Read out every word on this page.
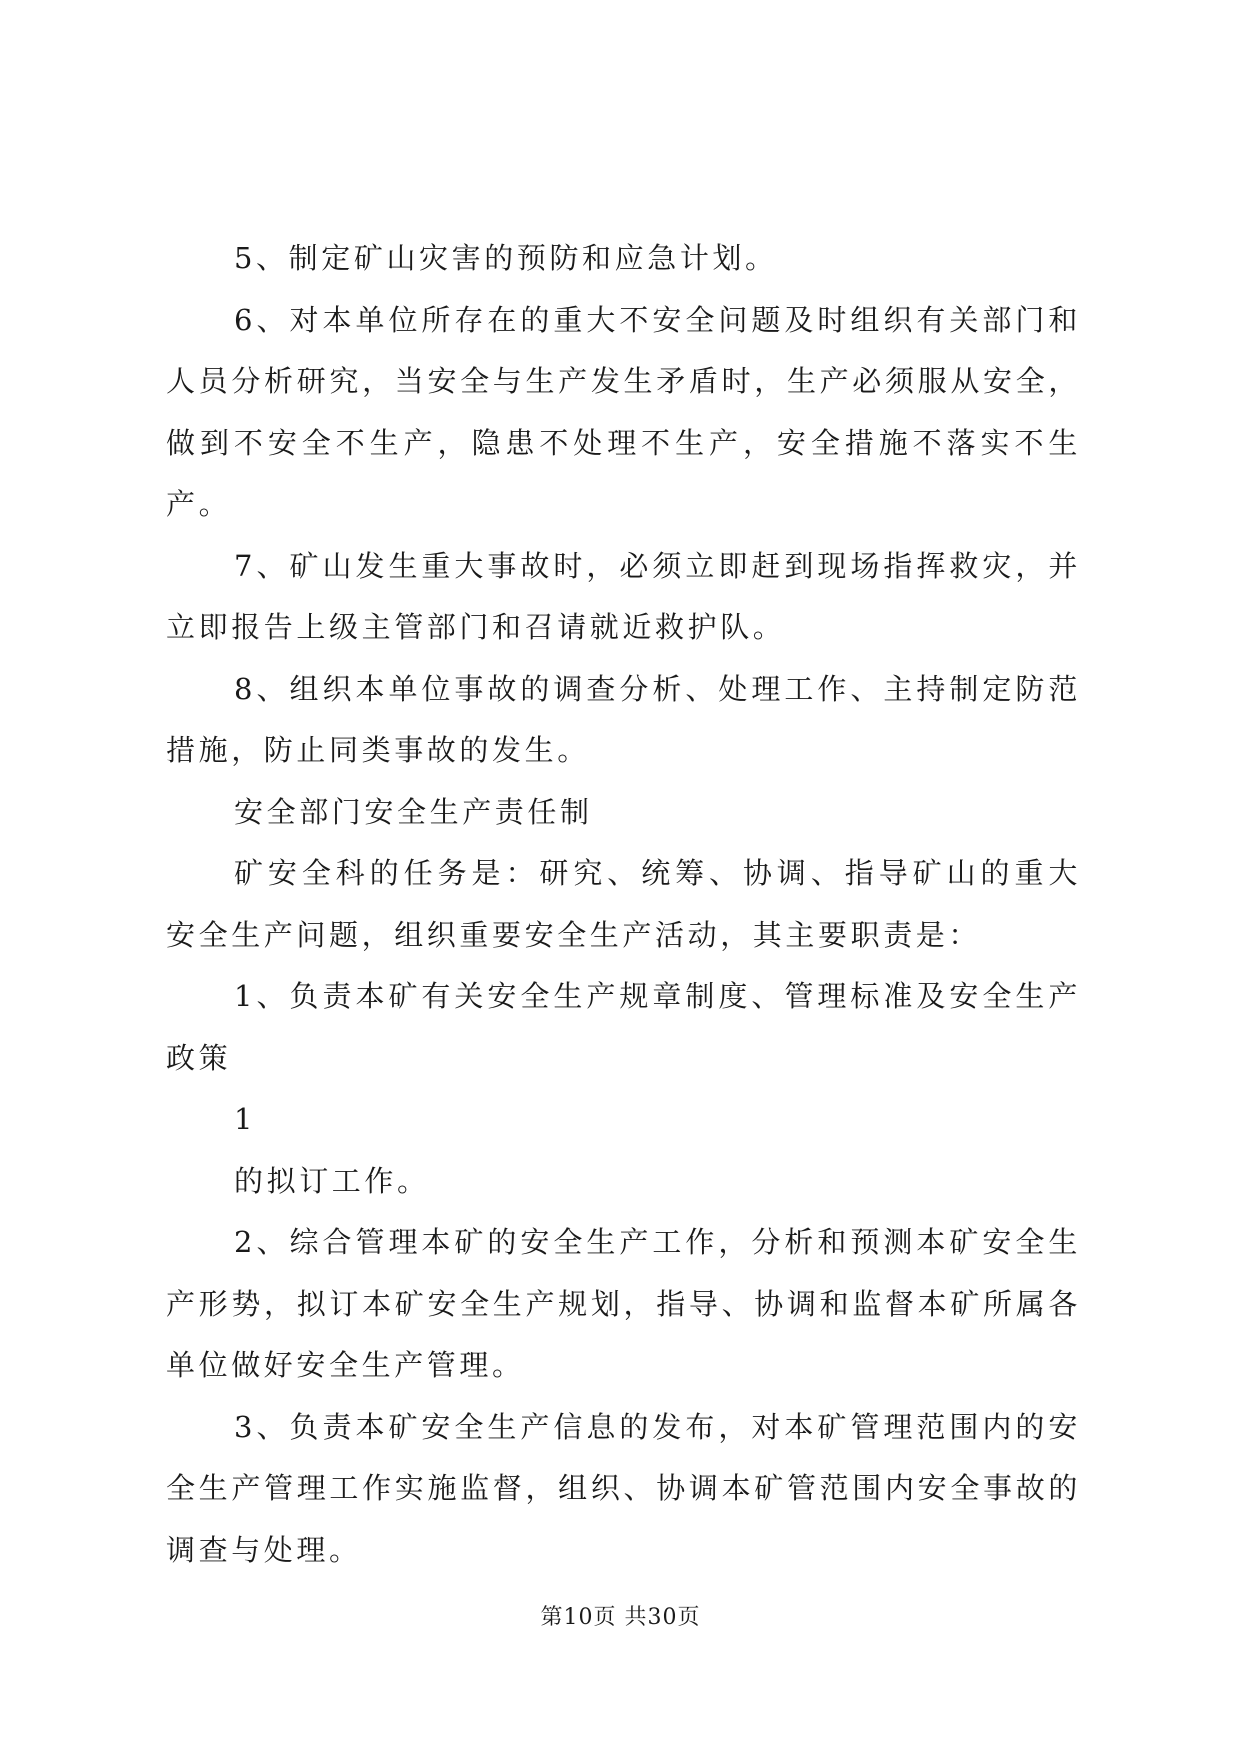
5、制定矿山灾害的预防和应急计划。

6、对本单位所存在的重大不安全问题及时组织有关部门和人员分析研究，当安全与生产发生矛盾时，生产必须服从安全，做到不安全不生产，隐患不处理不生产，安全措施不落实不生产。

7、矿山发生重大事故时，必须立即赶到现场指挥救灾，并立即报告上级主管部门和召请就近救护队。

8、组织本单位事故的调查分析、处理工作、主持制定防范措施，防止同类事故的发生。

安全部门安全生产责任制

矿安全科的任务是：研究、统筹、协调、指导矿山的重大安全生产问题，组织重要安全生产活动，其主要职责是：

1、负责本矿有关安全生产规章制度、管理标准及安全生产政策

1

的拟订工作。

2、综合管理本矿的安全生产工作，分析和预测本矿安全生产形势，拟订本矿安全生产规划，指导、协调和监督本矿所属各单位做好安全生产管理。

3、负责本矿安全生产信息的发布，对本矿管理范围内的安全生产管理工作实施监督，组织、协调本矿管范围内安全事故的调查与处理。

第10页 共30页
